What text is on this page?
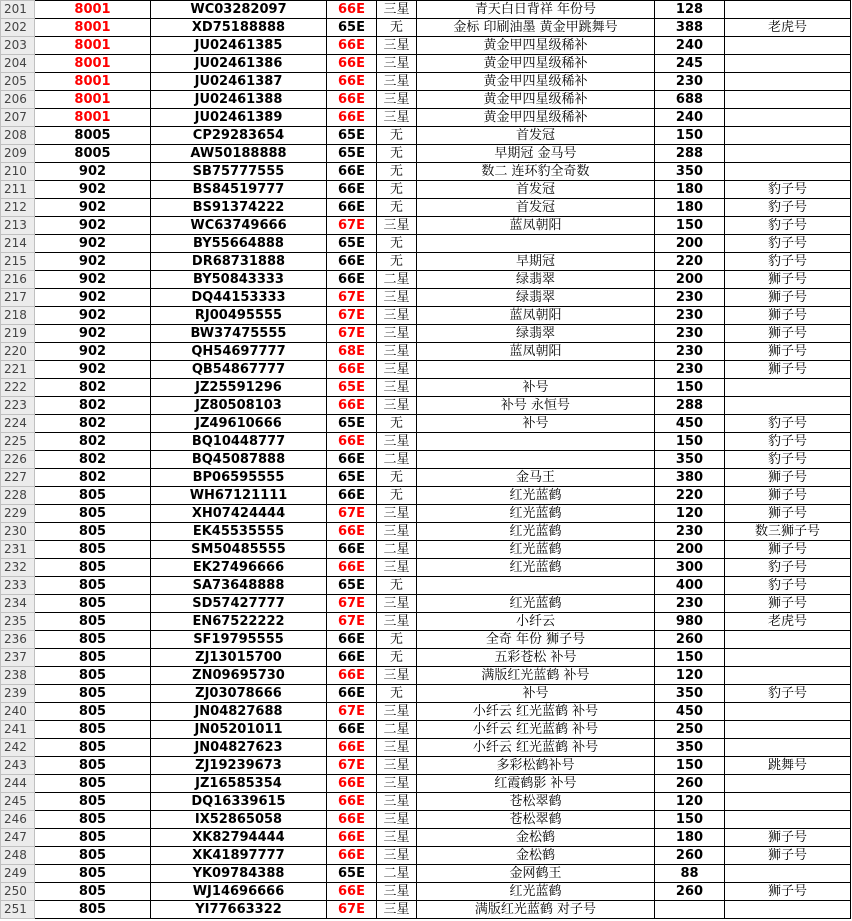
201	8001	WC03282097	66E	三星	青天白日背祥 年份号	128	
202	8001	XD75188888	65E	无	金标 印刷油墨 黄金甲跳舞号	388	老虎号
203	8001	JU02461385	66E	三星	黄金甲四星级稀补	240	
204	8001	JU02461386	66E	三星	黄金甲四星级稀补	245	
205	8001	JU02461387	66E	三星	黄金甲四星级稀补	230	
206	8001	JU02461388	66E	三星	黄金甲四星级稀补	688	
207	8001	JU02461389	66E	三星	黄金甲四星级稀补	240	
208	8005	CP29283654	65E	无	首发冠	150	
209	8005	AW50188888	65E	无	早期冠 金马号	288	
210	902	SB75777555	66E	无	数二 连环豹全奇数	350	
211	902	BS84519777	66E	无	首发冠	180	豹子号
212	902	BS91374222	66E	无	首发冠	180	豹子号
213	902	WC63749666	67E	三星	蓝凤朝阳	150	豹子号
214	902	BY55664888	65E	无		200	豹子号
215	902	DR68731888	66E	无	早期冠	220	豹子号
216	902	BY50843333	66E	二星	绿翡翠	200	狮子号
217	902	DQ44153333	67E	三星	绿翡翠	230	狮子号
218	902	RJ00495555	67E	三星	蓝凤朝阳	230	狮子号
219	902	BW37475555	67E	三星	绿翡翠	230	狮子号
220	902	QH54697777	68E	三星	蓝凤朝阳	230	狮子号
221	902	QB54867777	66E	三星		230	狮子号
222	802	JZ25591296	65E	三星	补号	150	
223	802	JZ80508103	66E	三星	补号 永恒号	288	
224	802	JZ49610666	65E	无	补号	450	豹子号
225	802	BQ10448777	66E	三星		150	豹子号
226	802	BQ45087888	66E	二星		350	豹子号
227	802	BP06595555	65E	无	金马王	380	狮子号
228	805	WH67121111	66E	无	红光蓝鹤	220	狮子号
229	805	XH07424444	67E	三星	红光蓝鹤	120	狮子号
230	805	EK45535555	66E	三星	红光蓝鹤	230	数三狮子号
231	805	SM50485555	66E	二星	红光蓝鹤	200	狮子号
232	805	EK27496666	66E	三星	红光蓝鹤	300	豹子号
233	805	SA73648888	65E	无		400	豹子号
234	805	SD57427777	67E	三星	红光蓝鹤	230	狮子号
235	805	EN67522222	67E	三星	小纤云	980	老虎号
236	805	SF19795555	66E	无	全奇 年份 狮子号	260	
237	805	ZJ13015700	66E	无	五彩苍松 补号	150	
238	805	ZN09695730	66E	三星	满版红光蓝鹤 补号	120	
239	805	ZJ03078666	66E	无	补号	350	豹子号
240	805	JN04827688	67E	三星	小纤云 红光蓝鹤 补号	450	
241	805	JN05201011	66E	二星	小纤云 红光蓝鹤 补号	250	
242	805	JN04827623	66E	三星	小纤云 红光蓝鹤 补号	350	
243	805	ZJ19239673	67E	三星	多彩松鹤补号	150	跳舞号
244	805	JZ16585354	66E	三星	红霞鹤影 补号	260	
245	805	DQ16339615	66E	三星	苍松翠鹤	120	
246	805	IX52865058	66E	三星	苍松翠鹤	150	
247	805	XK82794444	66E	三星	金松鹤	180	狮子号
248	805	XK41897777	66E	三星	金松鹤	260	狮子号
249	805	YK09784388	65E	二星	金网鹤王	88	
250	805	WJ14696666	66E	三星	红光蓝鹤	260	狮子号
251	805	YI77663322	67E	三星	满版红光蓝鹤 对子号		
